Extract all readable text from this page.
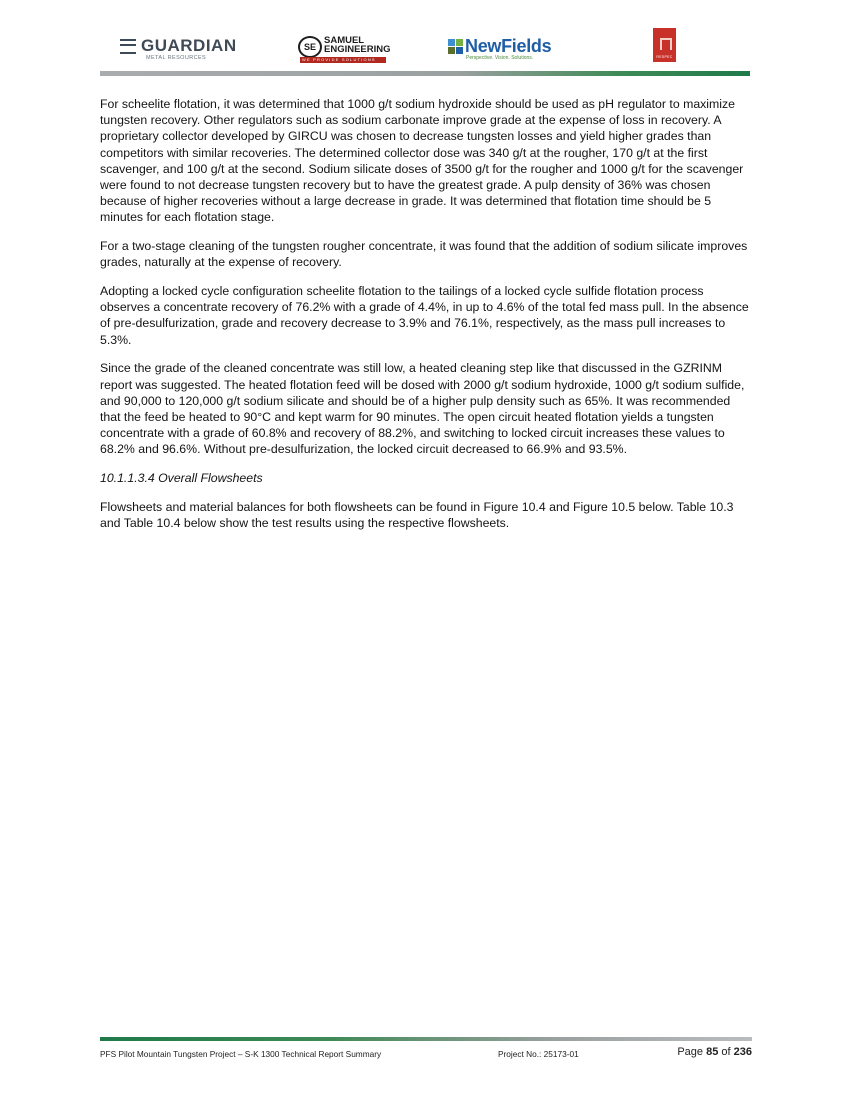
GUARDIAN
METAL RESOURCES
SE
SAMUEL
ENGINEERING
WE PROVIDE SOLUTIONS
NewFields
Perspective. Vision. Solutions.	RESPEC

For scheelite flotation, it was determined that 1000 g/t sodium hydroxide should be used as pH regulator to maximize tungsten recovery. Other regulators such as sodium carbonate improve grade at the expense of loss in recovery. A proprietary collector developed by GIRCU was chosen to decrease tungsten losses and yield higher grades than competitors with similar recoveries. The determined collector dose was 340 g/t at the rougher, 170 g/t at the first scavenger, and 100 g/t at the second. Sodium silicate doses of 3500 g/t for the rougher and 1000 g/t for the scavenger were found to not decrease tungsten recovery but to have the greatest grade. A pulp density of 36% was chosen because of higher recoveries without a large decrease in grade. It was determined that flotation time should be 5 minutes for each flotation stage.

For a two-stage cleaning of the tungsten rougher concentrate, it was found that the addition of sodium silicate improves grades, naturally at the expense of recovery.

Adopting a locked cycle configuration scheelite flotation to the tailings of a locked cycle sulfide flotation process observes a concentrate recovery of 76.2% with a grade of 4.4%, in up to 4.6% of the total fed mass pull. In the absence of pre-desulfurization, grade and recovery decrease to 3.9% and 76.1%, respectively, as the mass pull increases to 5.3%.

Since the grade of the cleaned concentrate was still low, a heated cleaning step like that discussed in the GZRINM report was suggested. The heated flotation feed will be dosed with 2000 g/t sodium hydroxide, 1000 g/t sodium sulfide, and 90,000 to 120,000 g/t sodium silicate and should be of a higher pulp density such as 65%. It was recommended that the feed be heated to 90°C and kept warm for 90 minutes. The open circuit heated flotation yields a tungsten concentrate with a grade of 60.8% and recovery of 88.2%, and switching to locked circuit increases these values to 68.2% and 96.6%. Without pre-desulfurization, the locked circuit decreased to 66.9% and 93.5%.

10.1.1.3.4 Overall Flowsheets

Flowsheets and material balances for both flowsheets can be found in Figure 10.4 and Figure 10.5 below. Table 10.3 and Table 10.4 below show the test results using the respective flowsheets.

PFS Pilot Mountain Tungsten Project – S-K 1300 Technical Report Summary	Project No.: 25173-01	Page 85 of 236
